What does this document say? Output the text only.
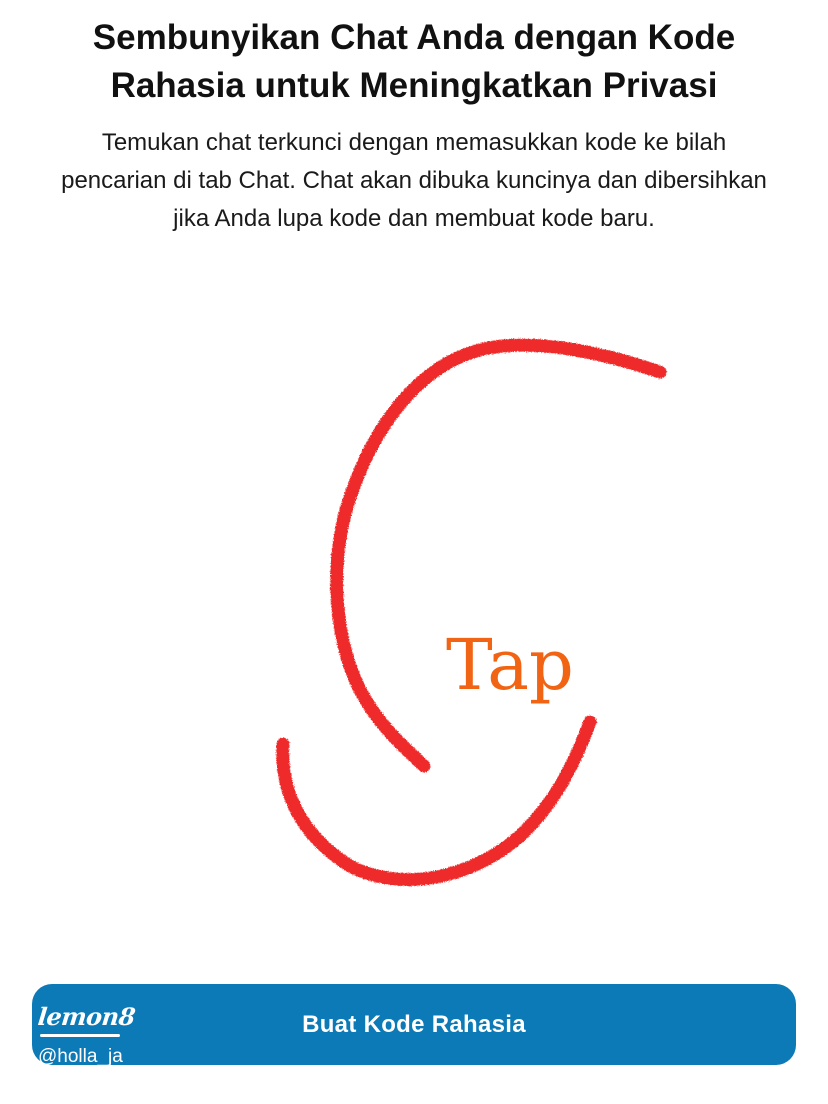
Sembunyikan Chat Anda dengan Kode Rahasia untuk Meningkatkan Privasi

Temukan chat terkunci dengan memasukkan kode ke bilah pencarian di tab Chat. Chat akan dibuka kuncinya dan dibersihkan jika Anda lupa kode dan membuat kode baru.

Tap
Buat Kode Rahasia
lemon8
@holla_ja
